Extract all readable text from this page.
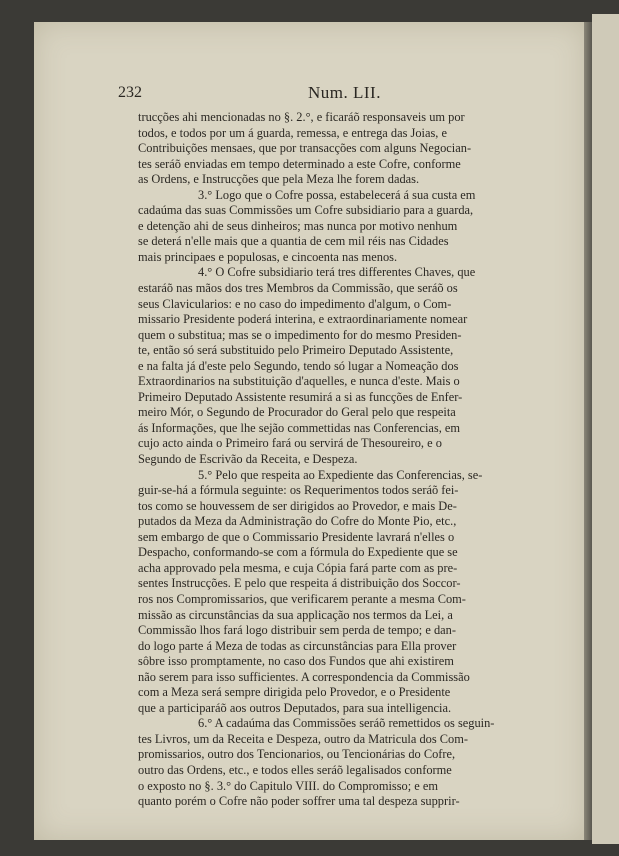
232	Num. LII.
trucções ahi mencionadas no §. 2.°, e ficaráõ responsaveis um por
todos, e todos por um á guarda, remessa, e entrega das Joias, e
Contribuições mensaes, que por transacções com alguns Negocian-
tes seráõ enviadas em tempo determinado a este Cofre, conforme
as Ordens, e Instrucções que pela Meza lhe forem dadas.
3.° Logo que o Cofre possa, estabelecerá á sua custa em
cadaúma das suas Commissões um Cofre subsidiario para a guarda,
e detenção ahi de seus dinheiros; mas nunca por motivo nenhum
se deterá n'elle mais que a quantia de cem mil réis nas Cidades
mais principaes e populosas, e cincoenta nas menos.
4.° O Cofre subsidiario terá tres differentes Chaves, que
estaráõ nas mãos dos tres Membros da Commissão, que seráõ os
seus Clavicularios: e no caso do impedimento d'algum, o Com-
missario Presidente poderá interina, e extraordinariamente nomear
quem o substitua; mas se o impedimento for do mesmo Presiden-
te, então só será substituido pelo Primeiro Deputado Assistente,
e na falta já d'este pelo Segundo, tendo só lugar a Nomeação dos
Extraordinarios na substituição d'aquelles, e nunca d'este. Mais o
Primeiro Deputado Assistente resumirá a si as funcções de Enfer-
meiro Mór, o Segundo de Procurador do Geral pelo que respeita
ás Informações, que lhe sejão commettidas nas Conferencias, em
cujo acto ainda o Primeiro fará ou servirá de Thesoureiro, e o
Segundo de Escrivão da Receita, e Despeza.
5.° Pelo que respeita ao Expediente das Conferencias, se-
guir-se-há a fórmula seguinte: os Requerimentos todos seráõ fei-
tos como se houvessem de ser dirigidos ao Provedor, e mais De-
putados da Meza da Administração do Cofre do Monte Pio, etc.,
sem embargo de que o Commissario Presidente lavrará n'elles o
Despacho, conformando-se com a fórmula do Expediente que se
acha approvado pela mesma, e cuja Cópia fará parte com as pre-
sentes Instrucções. E pelo que respeita á distribuição dos Soccor-
ros nos Compromissarios, que verificarem perante a mesma Com-
missão as circunstâncias da sua applicação nos termos da Lei, a
Commissão lhos fará logo distribuir sem perda de tempo; e dan-
do logo parte á Meza de todas as circunstâncias para Ella prover
sôbre isso promptamente, no caso dos Fundos que ahi existirem
não serem para isso sufficientes. A correspondencia da Commissão
com a Meza será sempre dirigida pelo Provedor, e o Presidente
que a participaráõ aos outros Deputados, para sua intelligencia.
6.° A cadaúma das Commissões seráõ remettidos os seguin-
tes Livros, um da Receita e Despeza, outro da Matricula dos Com-
promissarios, outro dos Tencionarios, ou Tencionárias do Cofre,
outro das Ordens, etc., e todos elles seráõ legalisados conforme
o exposto no §. 3.° do Capitulo VIII. do Compromisso; e em
quanto porém o Cofre não poder soffrer uma tal despeza supprir-
